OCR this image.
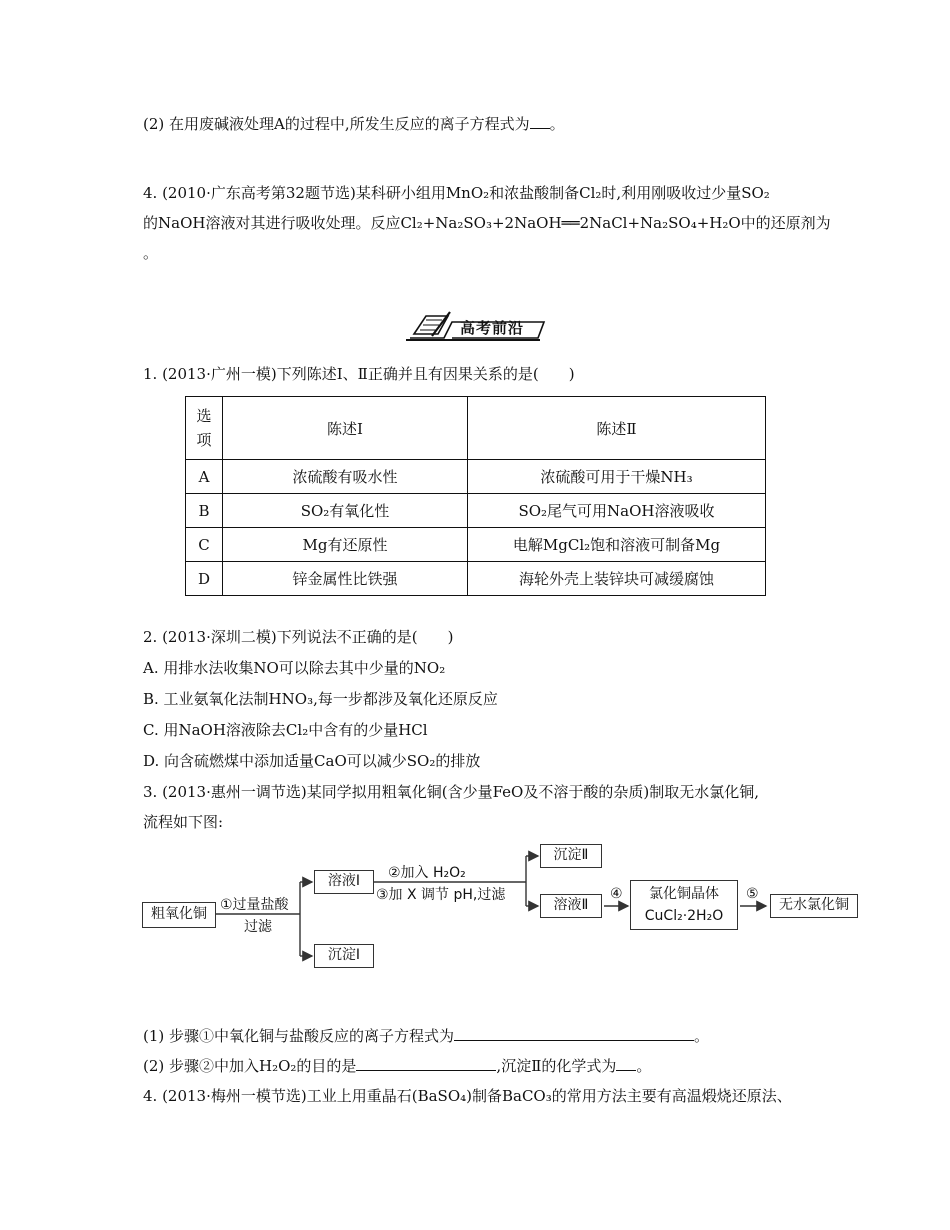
(2) 在用废碱液处理A的过程中,所发生反应的离子方程式为 。
4. (2010·广东高考第32题节选)某科研小组用MnO₂和浓盐酸制备Cl₂时,利用刚吸收过少量SO₂
的NaOH溶液对其进行吸收处理。反应Cl₂+Na₂SO₃+2NaOH══2NaCl+Na₂SO₄+H₂O中的还原剂为
。
高考前沿
1. (2013·广州一模)下列陈述Ⅰ、Ⅱ正确并且有因果关系的是(　　)
选
项	陈述Ⅰ	陈述Ⅱ
A	浓硫酸有吸水性	浓硫酸可用于干燥NH₃
B	SO₂有氧化性	SO₂尾气可用NaOH溶液吸收
C	Mg有还原性	电解MgCl₂饱和溶液可制备Mg
D	锌金属性比铁强	海轮外壳上装锌块可减缓腐蚀
2. (2013·深圳二模)下列说法不正确的是(　　)
A. 用排水法收集NO可以除去其中少量的NO₂
B. 工业氨氧化法制HNO₃,每一步都涉及氧化还原反应
C. 用NaOH溶液除去Cl₂中含有的少量HCl
D. 向含硫燃煤中添加适量CaO可以减少SO₂的排放
3. (2013·惠州一调节选)某同学拟用粗氧化铜(含少量FeO及不溶于酸的杂质)制取无水氯化铜,
流程如下图:
粗氧化铜
①过量盐酸
过滤
溶液Ⅰ
沉淀Ⅰ
②加入 H₂O₂
③加 X 调节 pH,过滤
沉淀Ⅱ
溶液Ⅱ
④	氯化铜晶体
CuCl₂·2H₂O
⑤
无水氯化铜
(1) 步骤①中氧化铜与盐酸反应的离子方程式为	。
(2) 步骤②中加入H₂O₂的目的是	,沉淀Ⅱ的化学式为 。
4. (2013·梅州一模节选)工业上用重晶石(BaSO₄)制备BaCO₃的常用方法主要有高温煅烧还原法、
